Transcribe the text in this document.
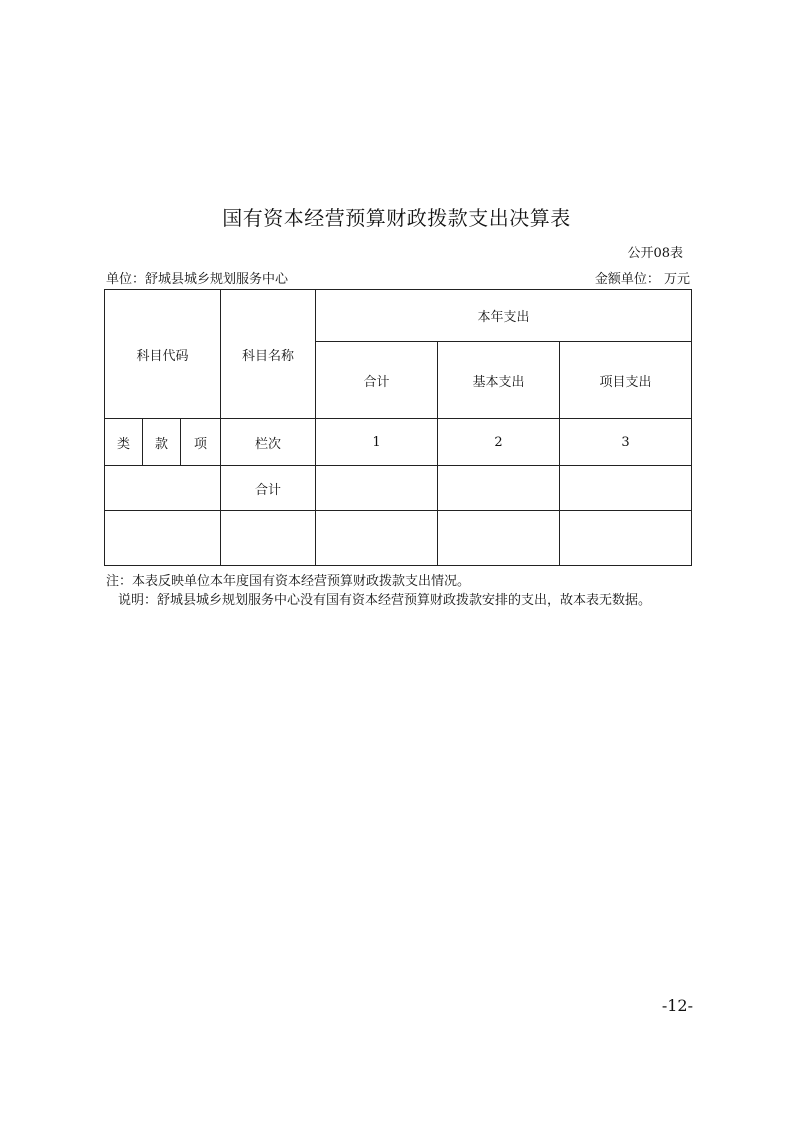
国有资本经营预算财政拨款支出决算表
公开08表
单位：舒城县城乡规划服务中心	金额单位： 万元
科目代码			科目名称	本年支出		
				合计	基本支出	项目支出
类	款	项	栏次	1	2	3
			合计			

注：本表反映单位本年度国有资本经营预算财政拨款支出情况。
说明：舒城县城乡规划服务中心没有国有资本经营预算财政拨款安排的支出，故本表无数据。
-12-
